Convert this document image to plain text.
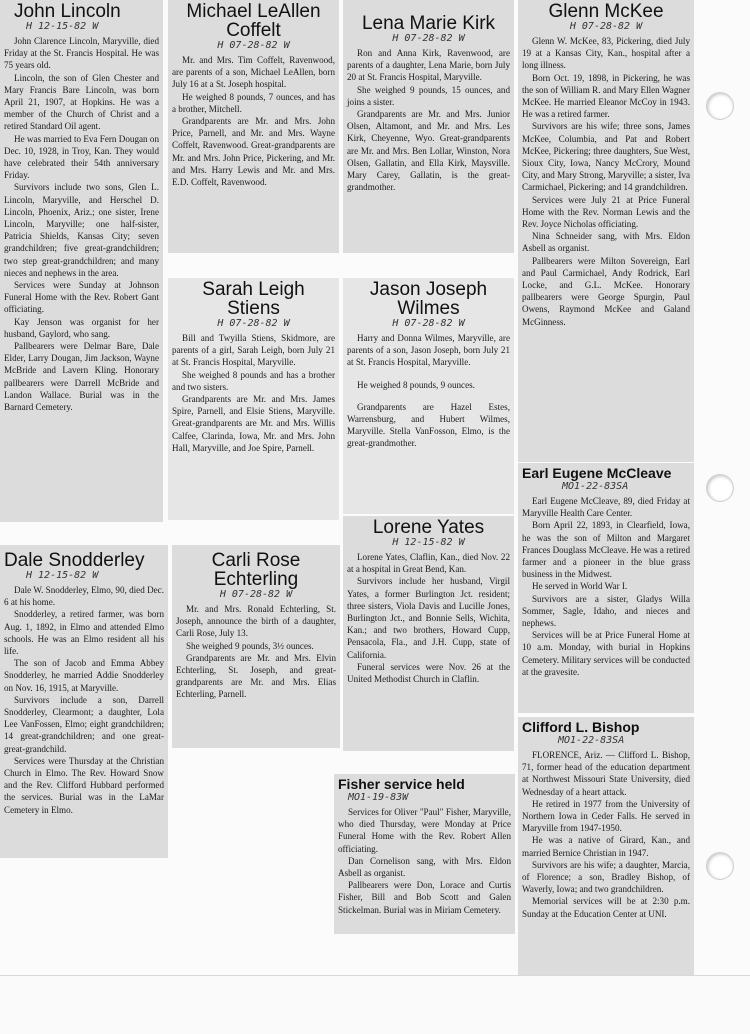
John Lincoln
H 12-15-82 W

John Clarence Lincoln, Maryville, died Friday at the St. Francis Hospital. He was 75 years old.

Lincoln, the son of Glen Chester and Mary Francis Bare Lincoln, was born April 21, 1907, at Hopkins. He was a member of the Church of Christ and a retired Standard Oil agent.

He was married to Eva Fern Dougan on Dec. 10, 1928, in Troy, Kan. They would have celebrated their 54th anniversary Friday.

Survivors include two sons, Glen L. Lincoln, Maryville, and Herschel D. Lincoln, Phoenix, Ariz.; one sister, Irene Lincoln, Maryville; one half-sister, Patricia Shields, Kansas City; seven grandchildren; five great-grandchildren; two step great-grandchildren; and many nieces and nephews in the area.

Services were Sunday at Johnson Funeral Home with the Rev. Robert Gant officiating.

Kay Jenson was organist for her husband, Gaylord, who sang.

Pallbearers were Delmar Bare, Dale Elder, Larry Dougan, Jim Jackson, Wayne McBride and Lavern Kling. Honorary pallbearers were Darrell McBride and Landon Wallace. Burial was in the Barnard Cemetery.

Michael LeAllen Coffelt
H 07-28-82 W

Mr. and Mrs. Tim Coffelt, Ravenwood, are parents of a son, Michael LeAllen, born July 16 at a St. Joseph hospital.

He weighed 8 pounds, 7 ounces, and has a brother, Mitchell.

Grandparents are Mr. and Mrs. John Price, Parnell, and Mr. and Mrs. Wayne Coffelt, Ravenwood. Great-grandparents are Mr. and Mrs. John Price, Pickering, and Mr. and Mrs. Harry Lewis and Mr. and Mrs. E.D. Coffelt, Ravenwood.

Lena Marie Kirk
H 07-28-82 W

Ron and Anna Kirk, Ravenwood, are parents of a daughter, Lena Marie, born July 20 at St. Francis Hospital, Maryville.

She weighed 9 pounds, 15 ounces, and joins a sister.

Grandparents are Mr. and Mrs. Junior Olsen, Altamont, and Mr. and Mrs. Les Kirk, Cheyenne, Wyo. Great-grandparents are Mr. and Mrs. Ben Lollar, Winston, Nora Olsen, Gallatin, and Ella Kirk, Maysville. Mary Carey, Gallatin, is the great-grandmother.

Glenn McKee
H 07-28-82 W

Glenn W. McKee, 83, Pickering, died July 19 at a Kansas City, Kan., hospital after a long illness.

Born Oct. 19, 1898, in Pickering, he was the son of William R. and Mary Ellen Wagner McKee. He married Eleanor McCoy in 1943. He was a retired farmer.

Survivors are his wife; three sons, James McKee, Columbia, and Pat and Robert McKee, Pickering; three daughters, Sue West, Sioux City, Iowa, Nancy McCrory, Mound City, and Mary Strong, Maryville; a sister, Iva Carmichael, Pickering; and 14 grandchildren.

Services were July 21 at Price Funeral Home with the Rev. Norman Lewis and the Rev. Joyce Nicholas officiating.

Nina Schneider sang, with Mrs. Eldon Asbell as organist.

Pallbearers were Milton Sovereign, Earl and Paul Carmichael, Andy Rodrick, Earl Locke, and G.L. McKee. Honorary pallbearers were George Spurgin, Paul Owens, Raymond McKee and Galand McGinness.

Sarah Leigh Stiens
H 07-28-82 W

Bill and Twyilla Stiens, Skidmore, are parents of a girl, Sarah Leigh, born July 21 at St. Francis Hospital, Maryville.

She weighed 8 pounds and has a brother and two sisters.

Grandparents are Mr. and Mrs. James Spire, Parnell, and Elsie Stiens, Maryville. Great-grandparents are Mr. and Mrs. Willis Calfee, Clarinda, Iowa, Mr. and Mrs. John Hall, Maryville, and Joe Spire, Parnell.

Jason Joseph Wilmes
H 07-28-82 W

Harry and Donna Wilmes, Maryville, are parents of a son, Jason Joseph, born July 21 at St. Francis Hospital, Maryville.

He weighed 8 pounds, 9 ounces.

Grandparents are Hazel Estes, Warrensburg, and Hubert Wilmes, Maryville. Stella VanFosson, Elmo, is the great-grandmother.

Earl Eugene McCleave
MO1-22-83SA

Earl Eugene McCleave, 89, died Friday at Maryville Health Care Center.

Born April 22, 1893, in Clearfield, Iowa, he was the son of Milton and Margaret Frances Douglass McCleave. He was a retired farmer and a pioneer in the blue grass business in the Midwest.

He served in World War I.

Survivors are a sister, Gladys Willa Sommer, Sagle, Idaho, and nieces and nephews.

Services will be at Price Funeral Home at 10 a.m. Monday, with burial in Hopkins Cemetery. Military services will be conducted at the gravesite.

Dale Snodderley
H 12-15-82 W

Dale W. Snodderley, Elmo, 90, died Dec. 6 at his home.

Snodderley, a retired farmer, was born Aug. 1, 1892, in Elmo and attended Elmo schools. He was an Elmo resident all his life.

The son of Jacob and Emma Abbey Snodderley, he married Addie Snodderley on Nov. 16, 1915, at Maryville.

Survivors include a son, Darrell Snodderley, Clearmont; a daughter, Lola Lee VanFossen, Elmo; eight grandchildren; 14 great-grandchildren; and one great-great-grandchild.

Services were Thursday at the Christian Church in Elmo. The Rev. Howard Snow and the Rev. Clifford Hubbard performed the services. Burial was in the LaMar Cemetery in Elmo.

Carli Rose Echterling
H 07-28-82 W

Mr. and Mrs. Ronald Echterling, St. Joseph, announce the birth of a daughter, Carli Rose, July 13.

She weighed 9 pounds, 3½ ounces.

Grandparents are Mr. and Mrs. Elvin Echterling, St. Joseph, and great-grandparents are Mr. and Mrs. Elias Echterling, Parnell.

Lorene Yates
H 12-15-82 W

Lorene Yates, Claflin, Kan., died Nov. 22 at a hospital in Great Bend, Kan.

Survivors include her husband, Virgil Yates, a former Burlington Jct. resident; three sisters, Viola Davis and Lucille Jones, Burlington Jct., and Bonnie Sells, Wichita, Kan.; and two brothers, Howard Cupp, Pensacola, Fla., and J.H. Cupp, state of California.

Funeral services were Nov. 26 at the United Methodist Church in Claflin.

Clifford L. Bishop
MO1-22-83SA

FLORENCE, Ariz. — Clifford L. Bishop, 71, former head of the education department at Northwest Missouri State University, died Wednesday of a heart attack.

He retired in 1977 from the University of Northern Iowa in Ceder Falls. He served in Maryville from 1947-1950.

He was a native of Girard, Kan., and married Bernice Christian in 1947.

Survivors are his wife; a daughter, Marcia, of Florence; a son, Bradley Bishop, of Waverly, Iowa; and two grandchildren.

Memorial services will be at 2:30 p.m. Sunday at the Education Center at UNI.

Fisher service held
MO1-19-83W

Services for Oliver "Paul" Fisher, Maryville, who died Thursday, were Monday at Price Funeral Home with the Rev. Robert Allen officiating.

Dan Cornelison sang, with Mrs. Eldon Asbell as organist.

Pallbearers were Don, Lorace and Curtis Fisher, Bill and Bob Scott and Galen Stickelman. Burial was in Miriam Cemetery.
